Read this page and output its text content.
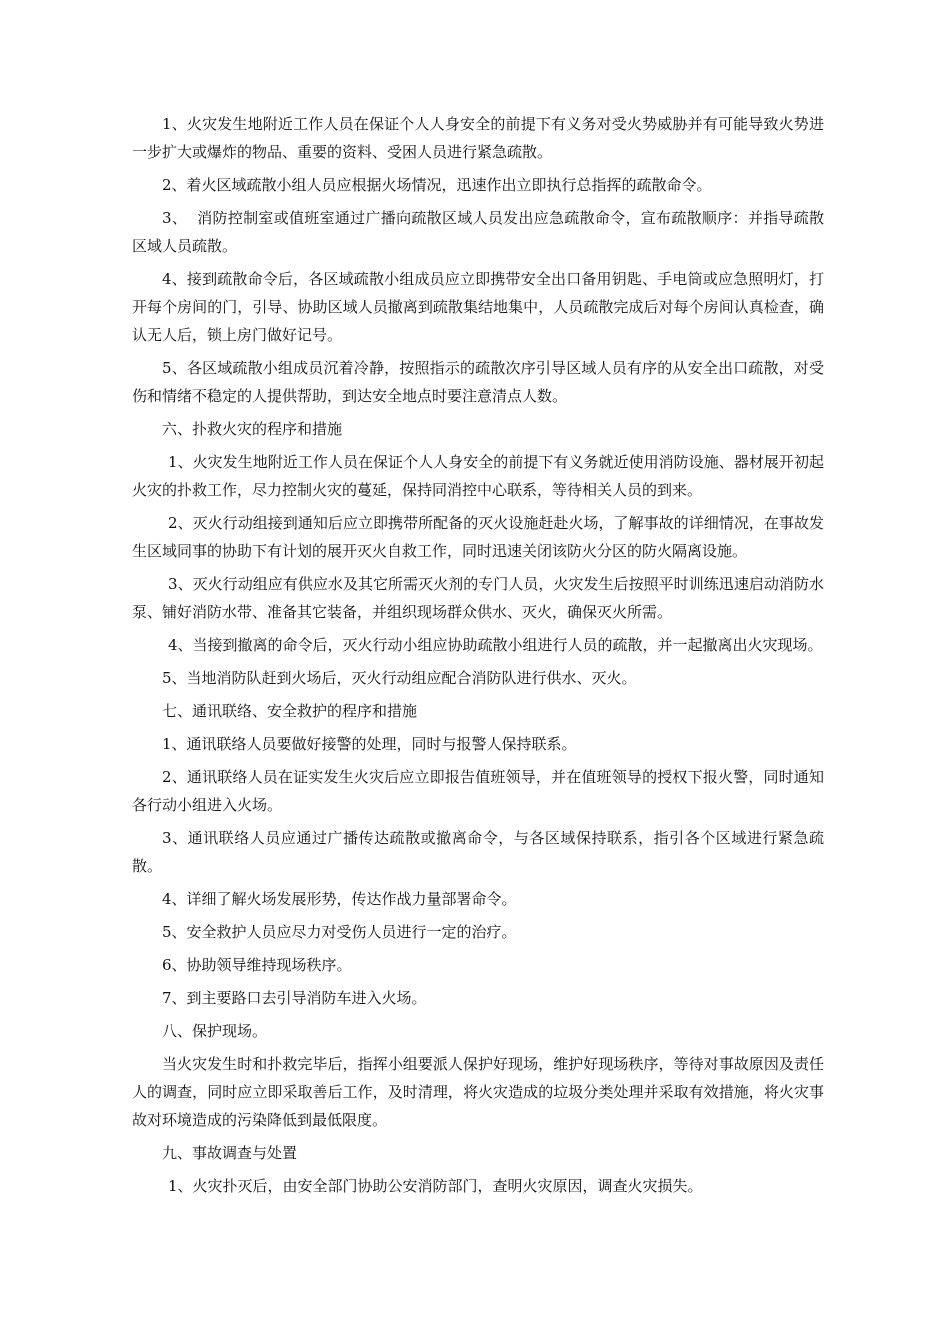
1、火灾发生地附近工作人员在保证个人人身安全的前提下有义务对受火势威胁并有可能导致火势进一步扩大或爆炸的物品、重要的资料、受困人员进行紧急疏散。

2、着火区域疏散小组人员应根据火场情况，迅速作出立即执行总指挥的疏散命令。

3、  消防控制室或值班室通过广播向疏散区域人员发出应急疏散命令，宣布疏散顺序：并指导疏散区域人员疏散。

4、接到疏散命令后，各区域疏散小组成员应立即携带安全出口备用钥匙、手电筒或应急照明灯，打开每个房间的门，引导、协助区域人员撤离到疏散集结地集中，人员疏散完成后对每个房间认真检查，确认无人后，锁上房门做好记号。

5、各区域疏散小组成员沉着冷静，按照指示的疏散次序引导区域人员有序的从安全出口疏散，对受伤和情绪不稳定的人提供帮助，到达安全地点时要注意清点人数。

六、扑救火灾的程序和措施

1、火灾发生地附近工作人员在保证个人人身安全的前提下有义务就近使用消防设施、器材展开初起火灾的扑救工作，尽力控制火灾的蔓延，保持同消控中心联系，等待相关人员的到来。

2、灭火行动组接到通知后应立即携带所配备的灭火设施赶赴火场，了解事故的详细情况，在事故发生区域同事的协助下有计划的展开灭火自救工作，同时迅速关闭该防火分区的防火隔离设施。

3、灭火行动组应有供应水及其它所需灭火剂的专门人员，火灾发生后按照平时训练迅速启动消防水泵、铺好消防水带、准备其它装备，并组织现场群众供水、灭火，确保灭火所需。

4、当接到撤离的命令后，灭火行动小组应协助疏散小组进行人员的疏散，并一起撤离出火灾现场。

5、当地消防队赶到火场后，灭火行动组应配合消防队进行供水、灭火。

七、通讯联络、安全救护的程序和措施

1、通讯联络人员要做好接警的处理，同时与报警人保持联系。

2、通讯联络人员在证实发生火灾后应立即报告值班领导，并在值班领导的授权下报火警，同时通知各行动小组进入火场。

3、通讯联络人员应通过广播传达疏散或撤离命令，与各区域保持联系，指引各个区域进行紧急疏散。

4、详细了解火场发展形势，传达作战力量部署命令。

5、安全救护人员应尽力对受伤人员进行一定的治疗。

6、协助领导维持现场秩序。

7、到主要路口去引导消防车进入火场。

八、保护现场。

当火灾发生时和扑救完毕后，指挥小组要派人保护好现场，维护好现场秩序，等待对事故原因及责任人的调查，同时应立即采取善后工作，及时清理，将火灾造成的垃圾分类处理并采取有效措施，将火灾事故对环境造成的污染降低到最低限度。

九、事故调查与处置

1、火灾扑灭后，由安全部门协助公安消防部门，查明火灾原因，调查火灾损失。
